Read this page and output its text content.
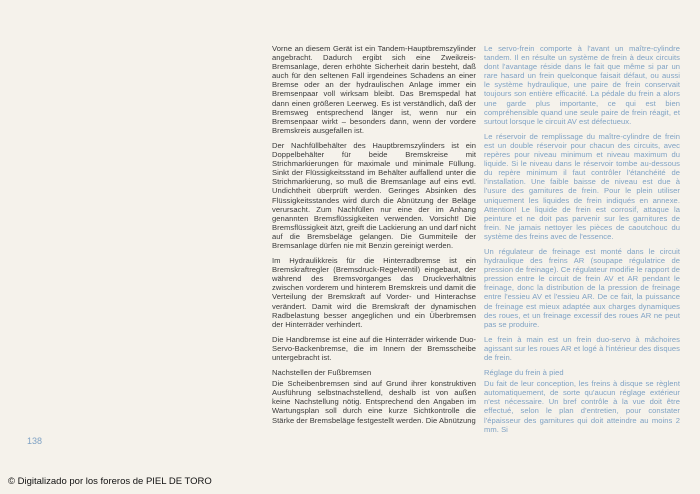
Vorne an diesem Gerät ist ein Tandem-Hauptbremszylinder angebracht. Dadurch ergibt sich eine Zweikreis-Bremsanlage, deren erhöhte Sicherheit darin besteht, daß auch für den seltenen Fall irgendeines Schadens an einer Bremse oder an der hydraulischen Anlage immer ein Bremsenpaar voll wirksam bleibt. Das Bremspedal hat dann einen größeren Leerweg. Es ist verständlich, daß der Bremsweg entsprechend länger ist, wenn nur ein Bremsenpaar wirkt – besonders dann, wenn der vordere Bremskreis ausgefallen ist.

Der Nachfüllbehälter des Hauptbremszylinders ist ein Doppelbehälter für beide Bremskreise mit Strichmarkierungen für maximale und minimale Füllung. Sinkt der Flüssigkeitsstand im Behälter auffallend unter die Strichmarkierung, so muß die Bremsanlage auf eins evtl. Undichtheit überprüft werden. Geringes Absinken des Flüssigkeitsstandes wird durch die Abnützung der Beläge verursacht. Zum Nachfüllen nur eine der im Anhang genannten Bremsflüssigkeiten verwenden. Vorsicht! Die Bremsflüssigkeit ätzt, greift die Lackierung an und darf nicht auf die Bremsbeläge gelangen. Die Gummiteile der Bremsanlage dürfen nie mit Benzin gereinigt werden.

Im Hydraulikkreis für die Hinterradbremse ist ein Bremskraftregler (Bremsdruck-Regelventil) eingebaut, der während des Bremsvorganges das Druckverhältnis zwischen vorderem und hinterem Bremskreis und damit die Verteilung der Bremskraft auf Vorder- und Hinterachse verändert. Damit wird die Bremskraft der dynamischen Radbelastung besser angeglichen und ein Überbremsen der Hinterräder verhindert.

Die Handbremse ist eine auf die Hinterräder wirkende Duo-Servo-Backenbremse, die im Innern der Bremsscheibe untergebracht ist.

Nachstellen der Fußbremsen

Die Scheibenbremsen sind auf Grund ihrer konstruktiven Ausführung selbstnachstellend, deshalb ist von außen keine Nachstellung nötig. Entsprechend den Angaben im Wartungsplan soll durch eine kurze Sichtkontrolle die Stärke der Bremsbeläge festgestellt werden. Die Abnützung

Le servo-frein comporte à l'avant un maître-cylindre tandem. Il en résulte un système de frein à deux circuits dont l'avantage réside dans le fait que même si par un rare hasard un frein quelconque faisait défaut, ou aussi le système hydraulique, une paire de frein conservait toujours son entière efficacité. La pédale du frein a alors une garde plus importante, ce qui est bien compréhensible quand une seule paire de frein réagit, et surtout lorsque le circuit AV est défectueux.

Le réservoir de remplissage du maître-cylindre de frein est un double réservoir pour chacun des circuits, avec repères pour niveau minimum et niveau maximum du liquide. Si le niveau dans le réservoir tombe au-dessous du repère minimum il faut contrôler l'étanchéité de l'installation. Une faible baisse de niveau est due à l'usure des garnitures de frein. Pour le plein utiliser uniquement les liquides de frein indiqués en annexe. Attention! Le liquide de frein est corrosif, attaque la peinture et ne doit pas parvenir sur les garnitures de frein. Ne jamais nettoyer les pièces de caoutchouc du système des freins avec de l'essence.

Un régulateur de freinage est monté dans le circuit hydraulique des freins AR (soupape régulatrice de pression de freinage). Ce régulateur modifie le rapport de pression entre le circuit de frein AV et AR pendant le freinage, donc la distribution de la pression de freinage entre l'essieu AV et l'essieu AR. De ce fait, la puissance de freinage est mieux adaptée aux charges dynamiques des roues, et un freinage excessif des roues AR ne peut pas se produire.

Le frein à main est un frein duo-servo à mâchoires agissant sur les roues AR et logé à l'intérieur des disques de frein.

Réglage du frein à pied

Du fait de leur conception, les freins à disque se règlent automatiquement, de sorte qu'aucun réglage extérieur n'est nécessaire. Un bref contrôle à la vue doit être effectué, selon le plan d'entretien, pour constater l'épaisseur des garnitures qui doit atteindre au moins 2 mm. Si

138
© Digitalizado por los foreros de PIEL DE TORO
